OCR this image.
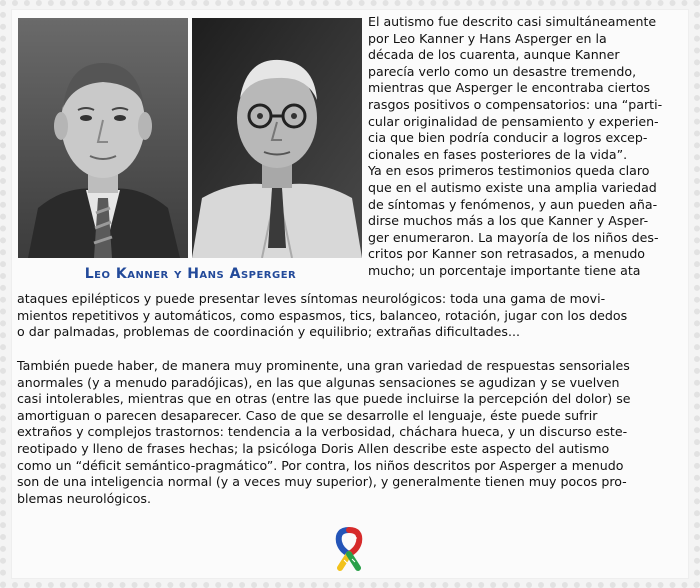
Leo Kanner y Hans Asperger

El autismo fue descrito casi simultáneamente

por Leo Kanner y Hans Asperger en la

década de los cuarenta, aunque Kanner

parecía verlo como un desastre tremendo,

mientras que Asperger le encontraba ciertos

rasgos positivos o compensatorios: una “parti-

cular originalidad de pensamiento y experien-

cia que bien podría conducir a logros excep-

cionales en fases posteriores de la vida”.

Ya en esos primeros testimonios queda claro

que en el autismo existe una amplia variedad

de síntomas y fenómenos, y aun pueden aña-

dirse muchos más a los que Kanner y Asper-

ger enumeraron. La mayoría de los niños des-

critos por Kanner son retrasados, a menudo

mucho; un porcentaje importante tiene ata

ataques epilépticos y puede presentar leves síntomas neurológicos: toda una gama de movi-

mientos repetitivos y automáticos, como espasmos, tics, balanceo, rotación, jugar con los dedos

o dar palmadas, problemas de coordinación y equilibrio; extrañas dificultades...

También puede haber, de manera muy prominente, una gran variedad de respuestas sensoriales

anormales (y a menudo paradójicas), en las que algunas sensaciones se agudizan y se vuelven

casi intolerables, mientras que en otras (entre las que puede incluirse la percepción del dolor) se

amortiguan o parecen desaparecer. Caso de que se desarrolle el lenguaje, éste puede sufrir

extraños y complejos trastornos: tendencia a la verbosidad, cháchara hueca, y un discurso este-

reotipado y lleno de frases hechas; la psicóloga Doris Allen describe este aspecto del autismo

como un “déficit semántico-pragmático”. Por contra, los niños descritos por Asperger a menudo

son de una inteligencia normal (y a veces muy superior), y generalmente tienen muy pocos pro-

blemas neurológicos.
